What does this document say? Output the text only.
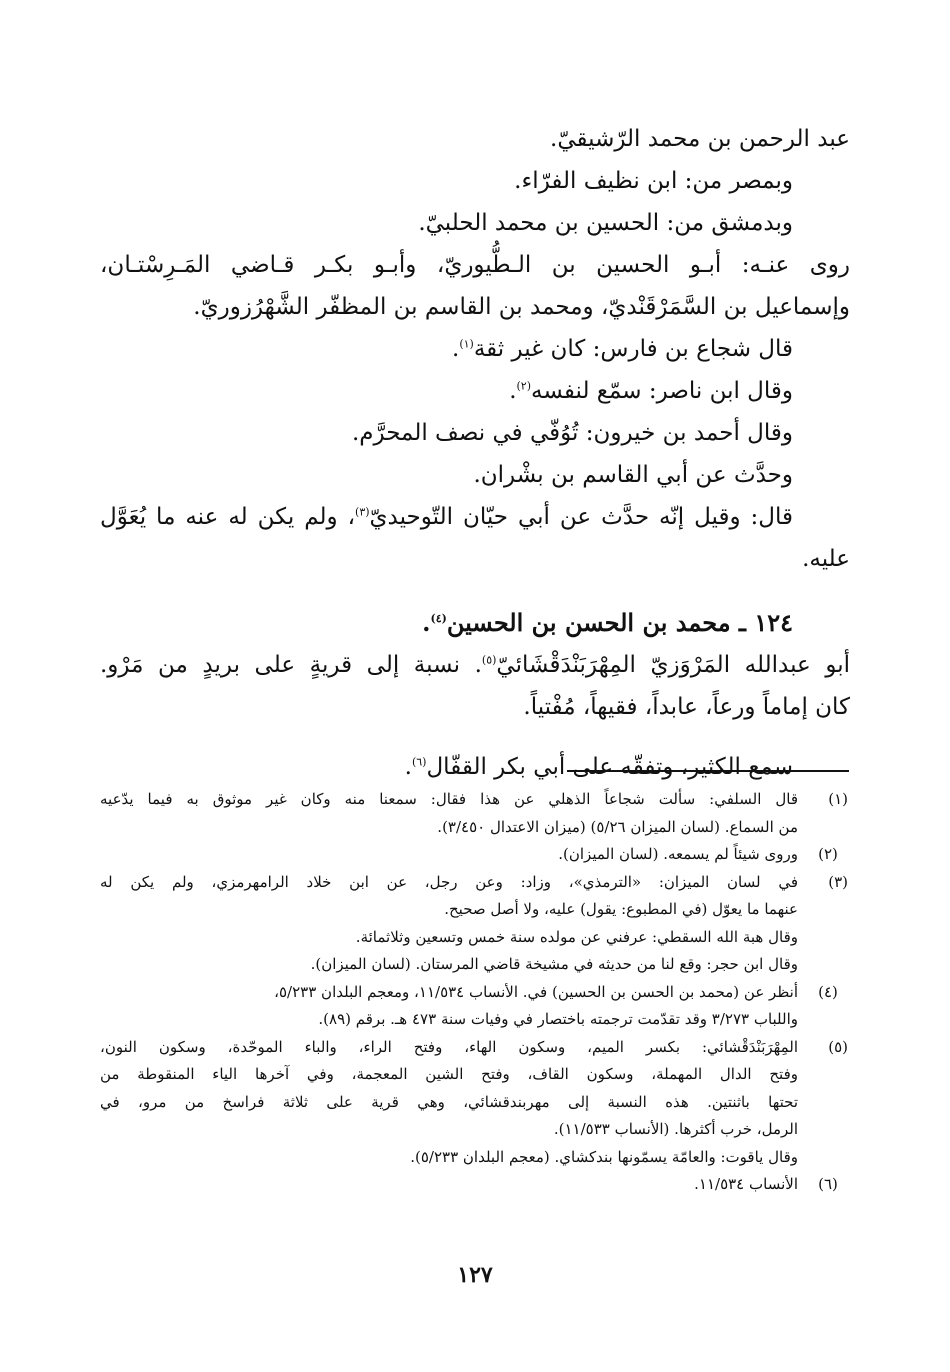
عبد الرحمن بن محمد الرّشيقيّ.
وبمصر من: ابن نظيف الفرّاء.
وبدمشق من: الحسين بن محمد الحلبيّ.
روى عنـه: أبـو الحسين بن الـطُّيوريّ، وأبـو بكـر قـاضي المَـرِسْتـان،
وإسماعيل بن السَّمَرْقَنْديّ، ومحمد بن القاسم بن المظفّر الشَّهْرُزوريّ.
قال شجاع بن فارس: كان غير ثقة$^{(١)}$.
وقال ابن ناصر: سمّع لنفسه$^{(٢)}$.
وقال أحمد بن خيرون: تُوُفّي في نصف المحرَّم.
وحدَّث عن أبي القاسم بن بشْران.
قال: وقيل إنّه حدَّث عن أبي حيّان التّوحيديّ$^{(٣)}$، ولم يكن له عنه ما يُعَوَّل
عليه.
١٢٤ ـ محمد بن الحسن بن الحسين$^{(٤)}$.
أبو عبدالله المَرْوَزيّ المِهْرَبَنْدَقْشَائيّ$^{(٥)}$. نسبة إلى قريةٍ على بريدٍ من مَرْو.
كان إماماً ورعاً، عابداً، فقيهاً، مُفْتياً.
سمع الكثير، وتفقّه على أبي بكر القفّال$^{(٦)}$.
(١)
قال السلفي: سألت شجاعاً الذهلي عن هذا فقال: سمعنا منه وكان غير موثوق به فيما يدّعيه
من السماع. (لسان الميزان ٥/٢٦) (ميزان الاعتدال ٣/٤٥٠).
(٢)
وروى شيئاً لم يسمعه. (لسان الميزان).
(٣)
في لسان الميزان: «الترمذي»، وزاد: وعن رجل، عن ابن خلاد الرامهرمزي، ولم يكن له
عنهما ما يعوّل (في المطبوع: يقول) عليه، ولا أصل صحيح.
وقال هبة الله السقطي: عرفني عن مولده سنة خمس وتسعين وثلاثمائة.
وقال ابن حجر: وقع لنا من حديثه في مشيخة قاضي المرستان. (لسان الميزان).
(٤)
أنظر عن (محمد بن الحسن بن الحسين) في. الأنساب ١١/٥٣٤، ومعجم البلدان ٥/٢٣٣،
واللباب ٣/٢٧٣ وقد تقدّمت ترجمته باختصار في وفيات سنة ٤٧٣ هـ. برقم (٨٩).
(٥)
المِهْرَبَنْدَقْشائي: بكسر الميم، وسكون الهاء، وفتح الراء، والباء الموحّدة، وسكون النون،
وفتح الدال المهملة، وسكون القاف، وفتح الشين المعجمة، وفي آخرها الياء المنقوطة من
تحتها باثنتين. هذه النسبة إلى مهربندقشائي، وهي قرية على ثلاثة فراسخ من مرو، في
الرمل، خرب أكثرها. (الأنساب ١١/٥٣٣).
وقال ياقوت: والعامّة يسمّونها بندكشاي. (معجم البلدان ٥/٢٣٣).
(٦)
الأنساب ١١/٥٣٤.
١٢٧
